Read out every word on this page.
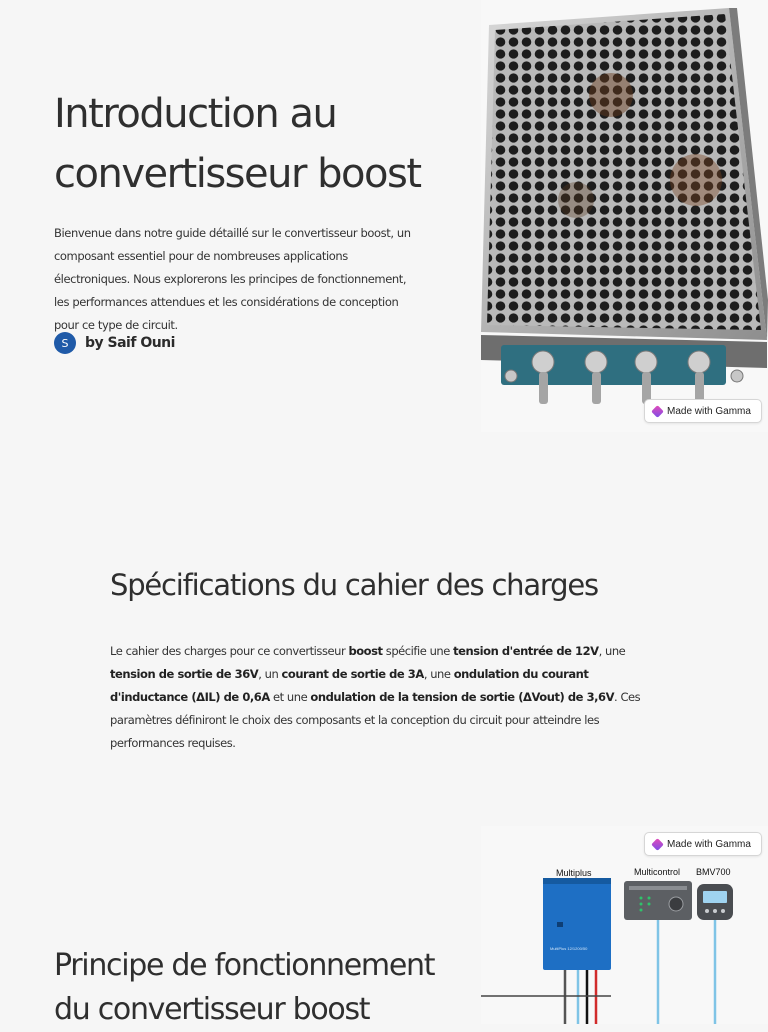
Introduction au
convertisseur boost

Bienvenue dans notre guide détaillé sur le convertisseur boost, un composant essentiel pour de nombreuses applications électroniques. Nous explorerons les principes de fonctionnement, les performances attendues et les considérations de conception pour ce type de circuit.

S	by Saif Ouni
Made with Gamma
Spécifications du cahier des charges

Le cahier des charges pour ce convertisseur boost spécifie une tension d'entrée de 12V, une tension de sortie de 36V, un courant de sortie de 3A, une ondulation du courant d'inductance (ΔIL) de 0,6A et une ondulation de la tension de sortie (ΔVout) de 3,6V. Ces paramètres définiront le choix des composants et la conception du circuit pour atteindre les performances requises.

Principe de fonctionnement
du convertisseur boost
Multiplus	Multicontrol BMV700
MultiPlus 12/1200/50
Made with Gamma
